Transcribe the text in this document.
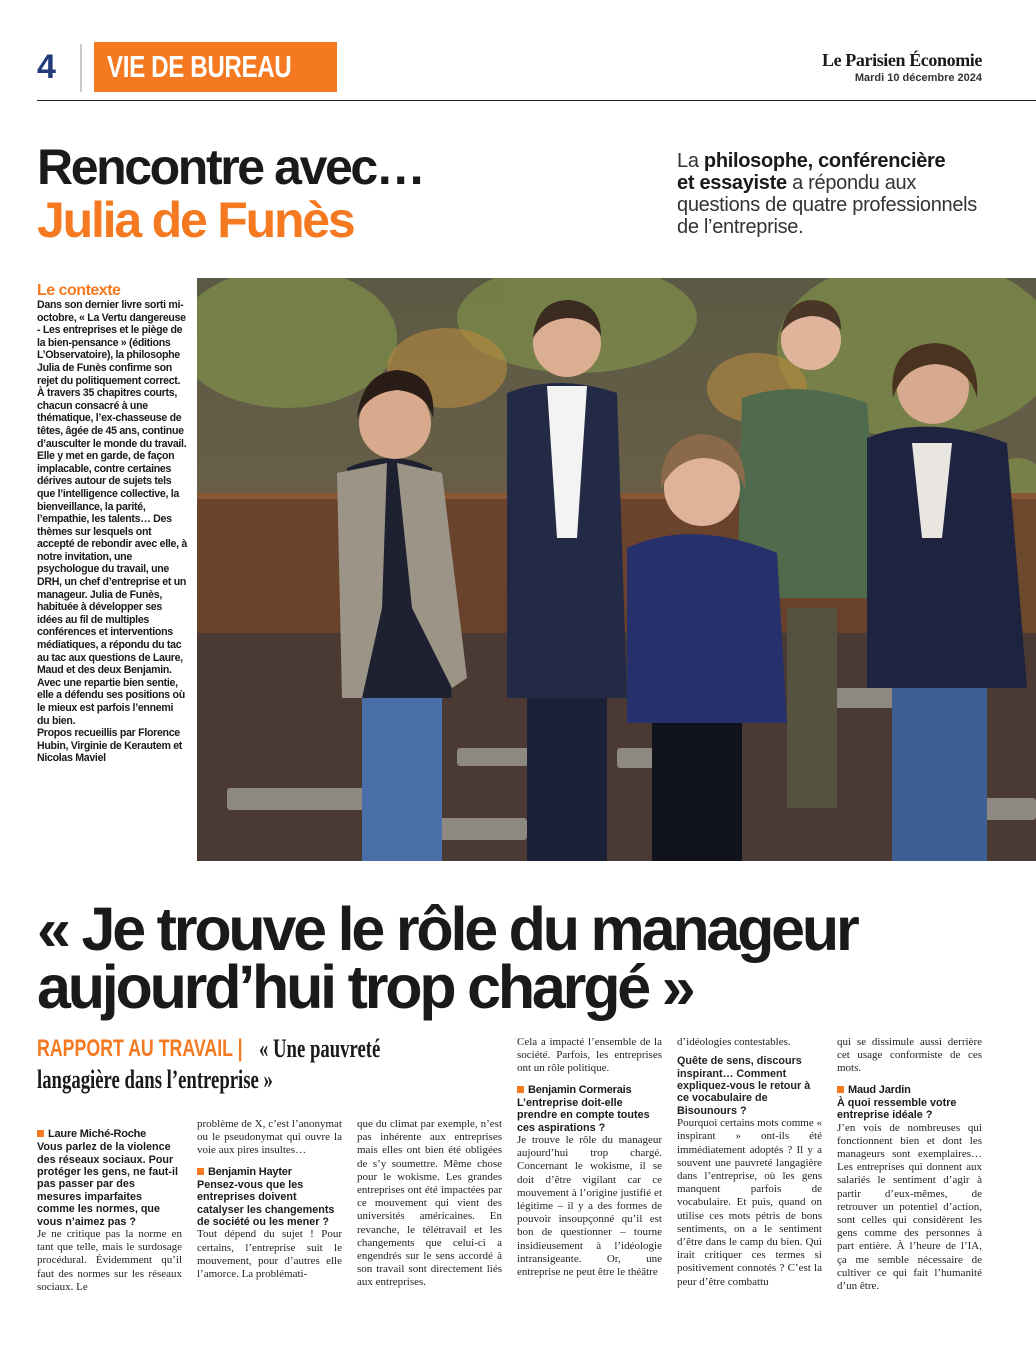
4 VIE DE BUREAU	Le Parisien Économie
Mardi 10 décembre 2024
Rencontre avec…
Julia de Funès
La philosophe, conférencière
et essayiste a répondu aux questions de quatre professionnels de l’entreprise.
Le contexte

Dans son dernier livre sorti mi-octobre, « La Vertu dangereuse - Les entreprises et le piège de la bien-pensance » (éditions L’Observatoire), la philosophe Julia de Funès confirme son rejet du politiquement correct. À travers 35 chapitres courts, chacun consacré à une thématique, l’ex-chasseuse de têtes, âgée de 45 ans, continue d’ausculter le monde du travail.
Elle y met en garde, de façon implacable, contre certaines dérives autour de sujets tels que l’intelligence collective, la bienveillance, la parité, l’empathie, les talents… Des thèmes sur lesquels ont accepté de rebondir avec elle, à notre invitation, une psychologue du travail, une DRH, un chef d’entreprise et un manageur. Julia de Funès, habituée à développer ses idées au fil de multiples conférences et interventions médiatiques, a répondu du tac au tac aux questions de Laure, Maud et des deux Benjamin. Avec une repartie bien sentie, elle a défendu ses positions où le mieux est parfois l’ennemi du bien.
Propos recueillis par Florence Hubin, Virginie de Kerautem et Nicolas Maviel

« Je trouve le rôle du manageur
aujourd’hui trop chargé »
RAPPORT AU TRAVAIL | « Une pauvreté
langagière dans l’entreprise »
Laure Miché-Roche
Vous parlez de la violence des réseaux sociaux. Pour protéger les gens, ne faut-il pas passer par des mesures imparfaites comme les normes, que vous n’aimez pas ?
Je ne critique pas la norme en tant que telle, mais le surdosage procédural. Évidemment qu’il faut des normes sur les réseaux sociaux. Le
problème de X, c’est l’anonymat ou le pseudonymat qui ouvre la voie aux pires insultes…
Benjamin Hayter
Pensez-vous que les entreprises doivent catalyser les changements de société ou les mener ?
Tout dépend du sujet ! Pour certains, l’entreprise suit le mouvement, pour d’autres elle l’amorce. La problémati-
que du climat par exemple, n’est pas inhérente aux entreprises mais elles ont bien été obligées de s’y soumettre. Même chose pour le wokisme. Les grandes entreprises ont été impactées par ce mouvement qui vient des universités américaines. En revanche, le télétravail et les changements que celui-ci a engendrés sur le sens accordé à son travail sont directement liés aux entreprises.
Cela a impacté l’ensemble de la société. Parfois, les entreprises ont un rôle politique.
Benjamin Cormerais
L’entreprise doit-elle prendre en compte toutes ces aspirations ?
Je trouve le rôle du manageur aujourd’hui trop chargé. Concernant le wokisme, il se doit d’être vigilant car ce mouvement à l’origine justifié et légitime – il y a des formes de pouvoir insoupçonné qu’il est bon de questionner – tourne insidieusement à l’idéologie intransigeante. Or, une entreprise ne peut être le théâtre
d’idéologies contestables.
Quête de sens, discours inspirant… Comment expliquez-vous le retour à ce vocabulaire de Bisounours ?
Pourquoi certains mots comme « inspirant » ont-ils été immédiatement adoptés ? Il y a souvent une pauvreté langagière dans l’entreprise, où les gens manquent parfois de vocabulaire. Et puis, quand on utilise ces mots pétris de bons sentiments, on a le sentiment d’être dans le camp du bien. Qui irait critiquer ces termes si positivement connotés ? C’est la peur d’être combattu
qui se dissimule aussi derrière cet usage conformiste de ces mots.
Maud Jardin
À quoi ressemble votre entreprise idéale ?
J’en vois de nombreuses qui fonctionnent bien et dont les manageurs sont exemplaires… Les entreprises qui donnent aux salariés le sentiment d’agir à partir d’eux-mêmes, de retrouver un potentiel d’action, sont celles qui considèrent les gens comme des personnes à part entière. À l’heure de l’IA, ça me semble nécessaire de cultiver ce qui fait l’humanité d’un être.
